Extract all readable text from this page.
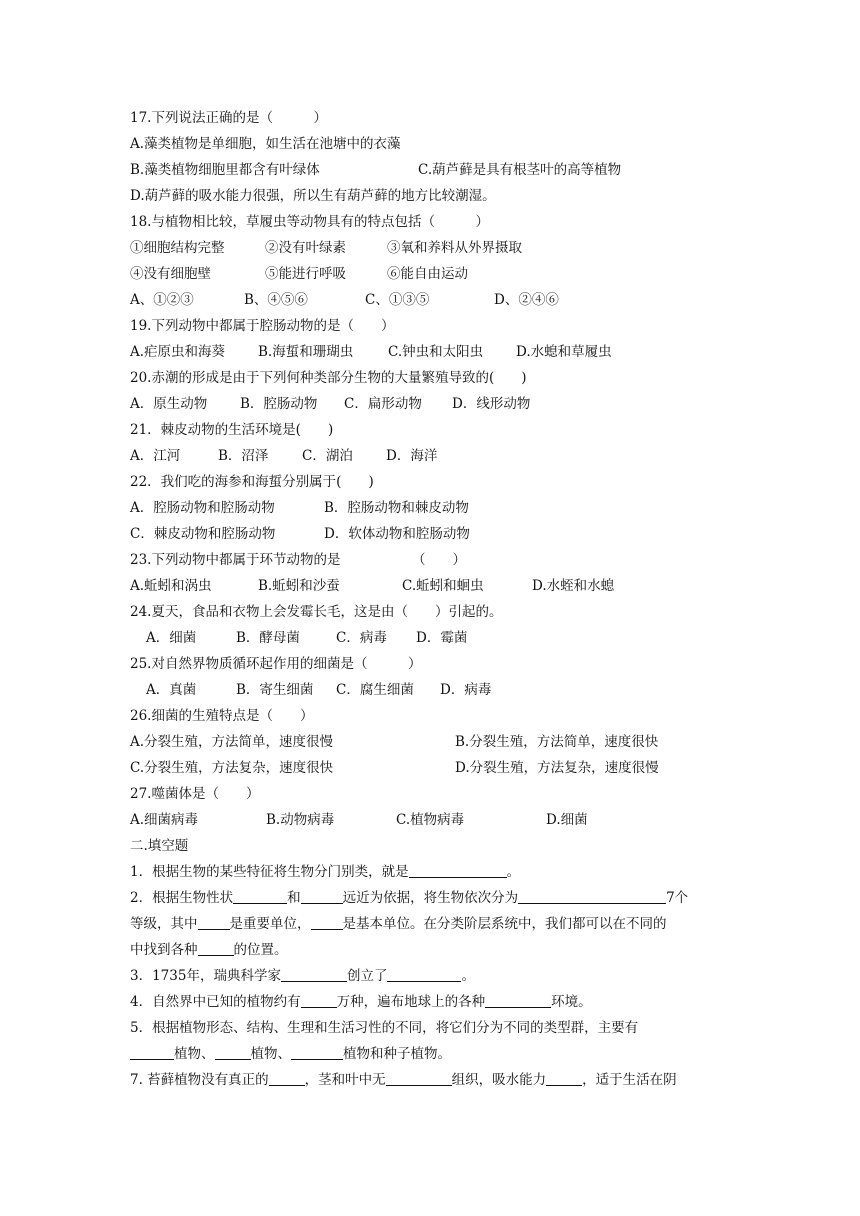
17.下列说法正确的是（　　　）
A.藻类植物是单细胞，如生活在池塘中的衣藻
B.藻类植物细胞里都含有叶绿体	C.葫芦藓是具有根茎叶的高等植物
D.葫芦藓的吸水能力很强，所以生有葫芦藓的地方比较潮湿。
18.与植物相比较，草履虫等动物具有的特点包括（　　　）
①细胞结构完整	②没有叶绿素	③氧和养料从外界摄取
④没有细胞壁	⑤能进行呼吸	⑥能自由运动
A、①②③	B、④⑤⑥	C、①③⑤	D、②④⑥
19.下列动物中都属于腔肠动物的是（　　）
A.疟原虫和海葵 B.海蜇和珊瑚虫	C.钟虫和太阳虫 D.水螅和草履虫
20.赤潮的形成是由于下列何种类部分生物的大量繁殖导致的(　　)
A．原生动物 B．腔肠动物 C．扁形动物 D．线形动物
21．棘皮动物的生活环境是(　　)
A．江河	B．沼泽 C．湖泊 D．海洋
22．我们吃的海参和海蜇分别属于(　　)
A．腔肠动物和腔肠动物	B．腔肠动物和棘皮动物
C．棘皮动物和腔肠动物	D．软体动物和腔肠动物
23.下列动物中都属于环节动物的是	（　　）
A.蚯蚓和涡虫	B.蚯蚓和沙蚕	C.蚯蚓和蛔虫	D.水蛭和水螅
24.夏天，食品和衣物上会发霉长毛，这是由（　　）引起的。
A．细菌	B．酵母菌	C．病毒 D．霉菌
25.对自然界物质循环起作用的细菌是（　　　）
A．真菌	B．寄生细菌 C．腐生细菌 D．病毒
26.细菌的生殖特点是（　　）
A.分裂生殖，方法简单，速度很慢	B.分裂生殖，方法简单，速度很快
C.分裂生殖，方法复杂，速度很快	D.分裂生殖，方法复杂，速度很慢
27.噬菌体是（　　）
A.细菌病毒	B.动物病毒	C.植物病毒	D.细菌
二.填空题
1．根据生物的某些特征将生物分门别类，就是	。
2．根据生物性状	和	远近为依据，将生物依次分为	7个
等级，其中 是重要单位， 是基本单位。在分类阶层系统中，我们都可以在不同的
中找到各种	的位置。
3．1735年，瑞典科学家	创立了	。
4．自然界中已知的植物约有	万种，遍布地球上的各种	环境。
5．根据植物形态、结构、生理和生活习性的不同，将它们分为不同的类型群，主要有
植物、	植物、	植物和种子植物。
7. 苔藓植物没有真正的	，茎和叶中无	组织，吸水能力	，适于生活在阴
